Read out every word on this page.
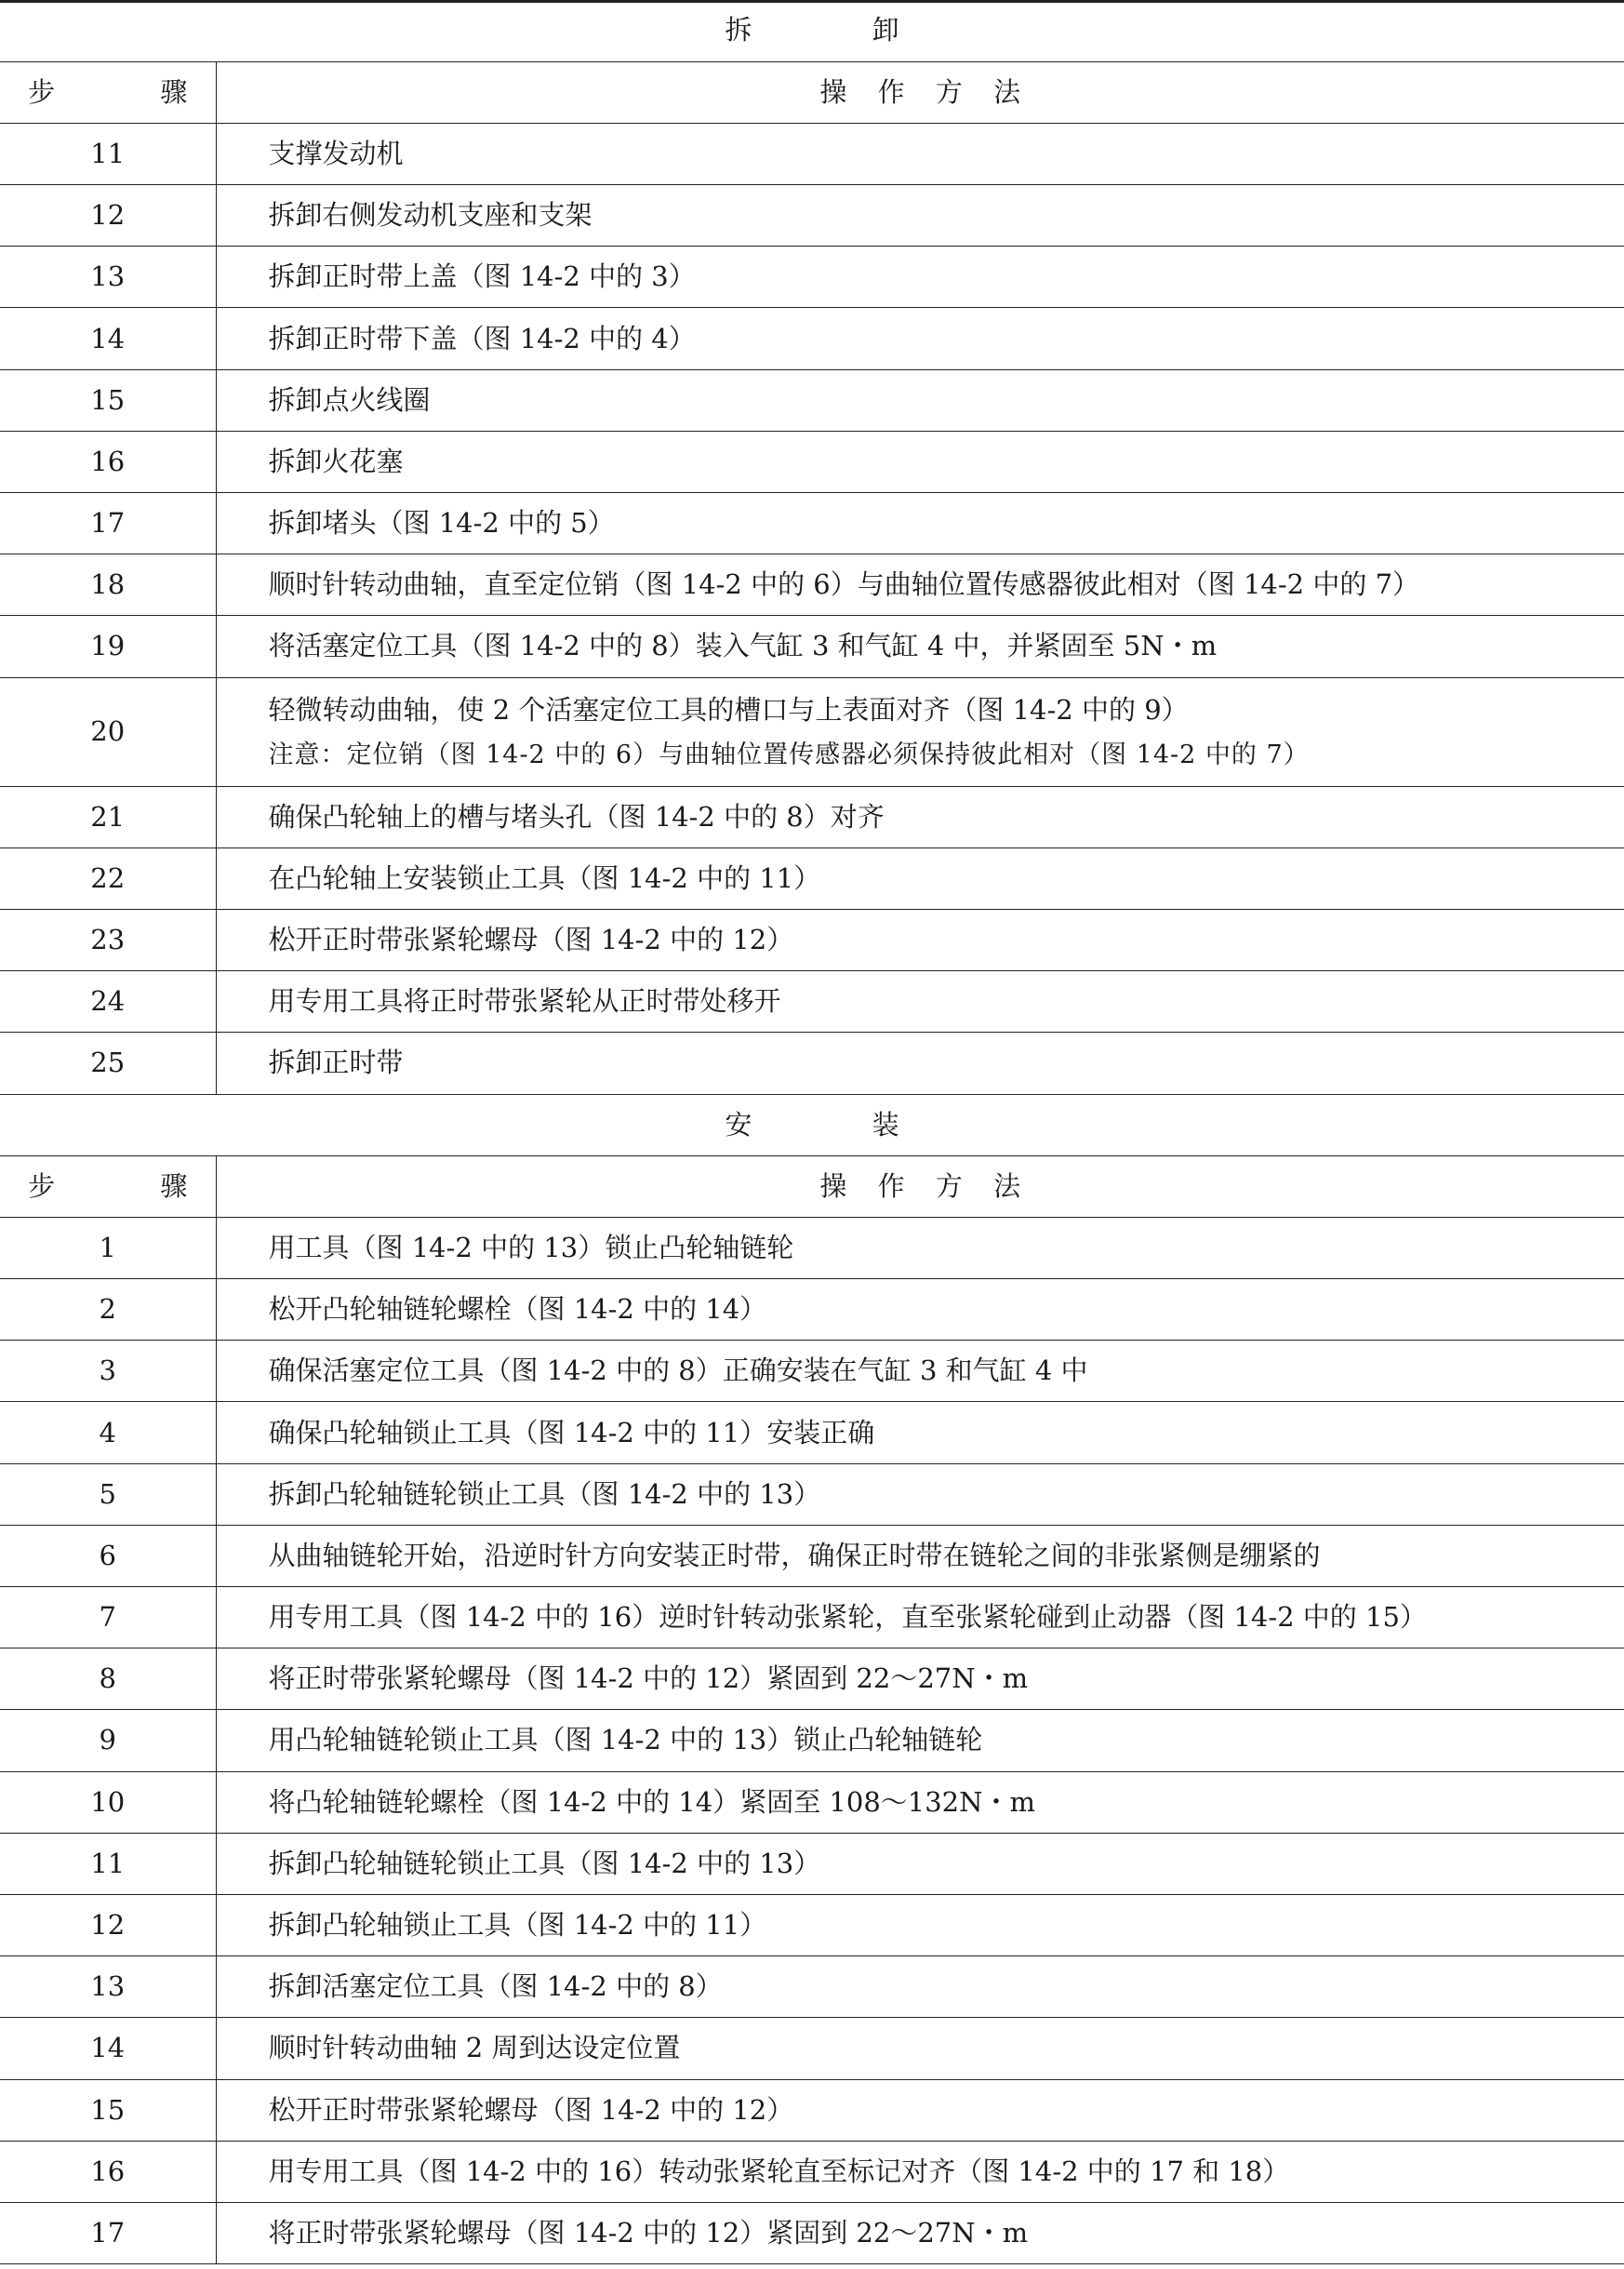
拆 卸	
步 骤	操 作 方 法
11	支撑发动机
12	拆卸右侧发动机支座和支架
13	拆卸正时带上盖（图 14-2 中的 3）
14	拆卸正时带下盖（图 14-2 中的 4）
15	拆卸点火线圈
16	拆卸火花塞
17	拆卸堵头（图 14-2 中的 5）
18	顺时针转动曲轴，直至定位销（图 14-2 中的 6）与曲轴位置传感器彼此相对（图 14-2 中的 7）
19	将活塞定位工具（图 14-2 中的 8）装入气缸 3 和气缸 4 中，并紧固至 5N・m
20	轻微转动曲轴，使 2 个活塞定位工具的槽口与上表面对齐（图 14-2 中的 9）
注意：定位销（图 14-2 中的 6）与曲轴位置传感器必须保持彼此相对（图 14-2 中的 7）

21	确保凸轮轴上的槽与堵头孔（图 14-2 中的 8）对齐
22	在凸轮轴上安装锁止工具（图 14-2 中的 11）
23	松开正时带张紧轮螺母（图 14-2 中的 12）
24	用专用工具将正时带张紧轮从正时带处移开
25	拆卸正时带
安 装	
步 骤	操 作 方 法
1	用工具（图 14-2 中的 13）锁止凸轮轴链轮
2	松开凸轮轴链轮螺栓（图 14-2 中的 14）
3	确保活塞定位工具（图 14-2 中的 8）正确安装在气缸 3 和气缸 4 中
4	确保凸轮轴锁止工具（图 14-2 中的 11）安装正确
5	拆卸凸轮轴链轮锁止工具（图 14-2 中的 13）
6	从曲轴链轮开始，沿逆时针方向安装正时带，确保正时带在链轮之间的非张紧侧是绷紧的
7	用专用工具（图 14-2 中的 16）逆时针转动张紧轮，直至张紧轮碰到止动器（图 14-2 中的 15）
8	将正时带张紧轮螺母（图 14-2 中的 12）紧固到 22～27N・m
9	用凸轮轴链轮锁止工具（图 14-2 中的 13）锁止凸轮轴链轮
10	将凸轮轴链轮螺栓（图 14-2 中的 14）紧固至 108～132N・m
11	拆卸凸轮轴链轮锁止工具（图 14-2 中的 13）
12	拆卸凸轮轴锁止工具（图 14-2 中的 11）
13	拆卸活塞定位工具（图 14-2 中的 8）
14	顺时针转动曲轴 2 周到达设定位置
15	松开正时带张紧轮螺母（图 14-2 中的 12）
16	用专用工具（图 14-2 中的 16）转动张紧轮直至标记对齐（图 14-2 中的 17 和 18）
17	将正时带张紧轮螺母（图 14-2 中的 12）紧固到 22～27N・m
